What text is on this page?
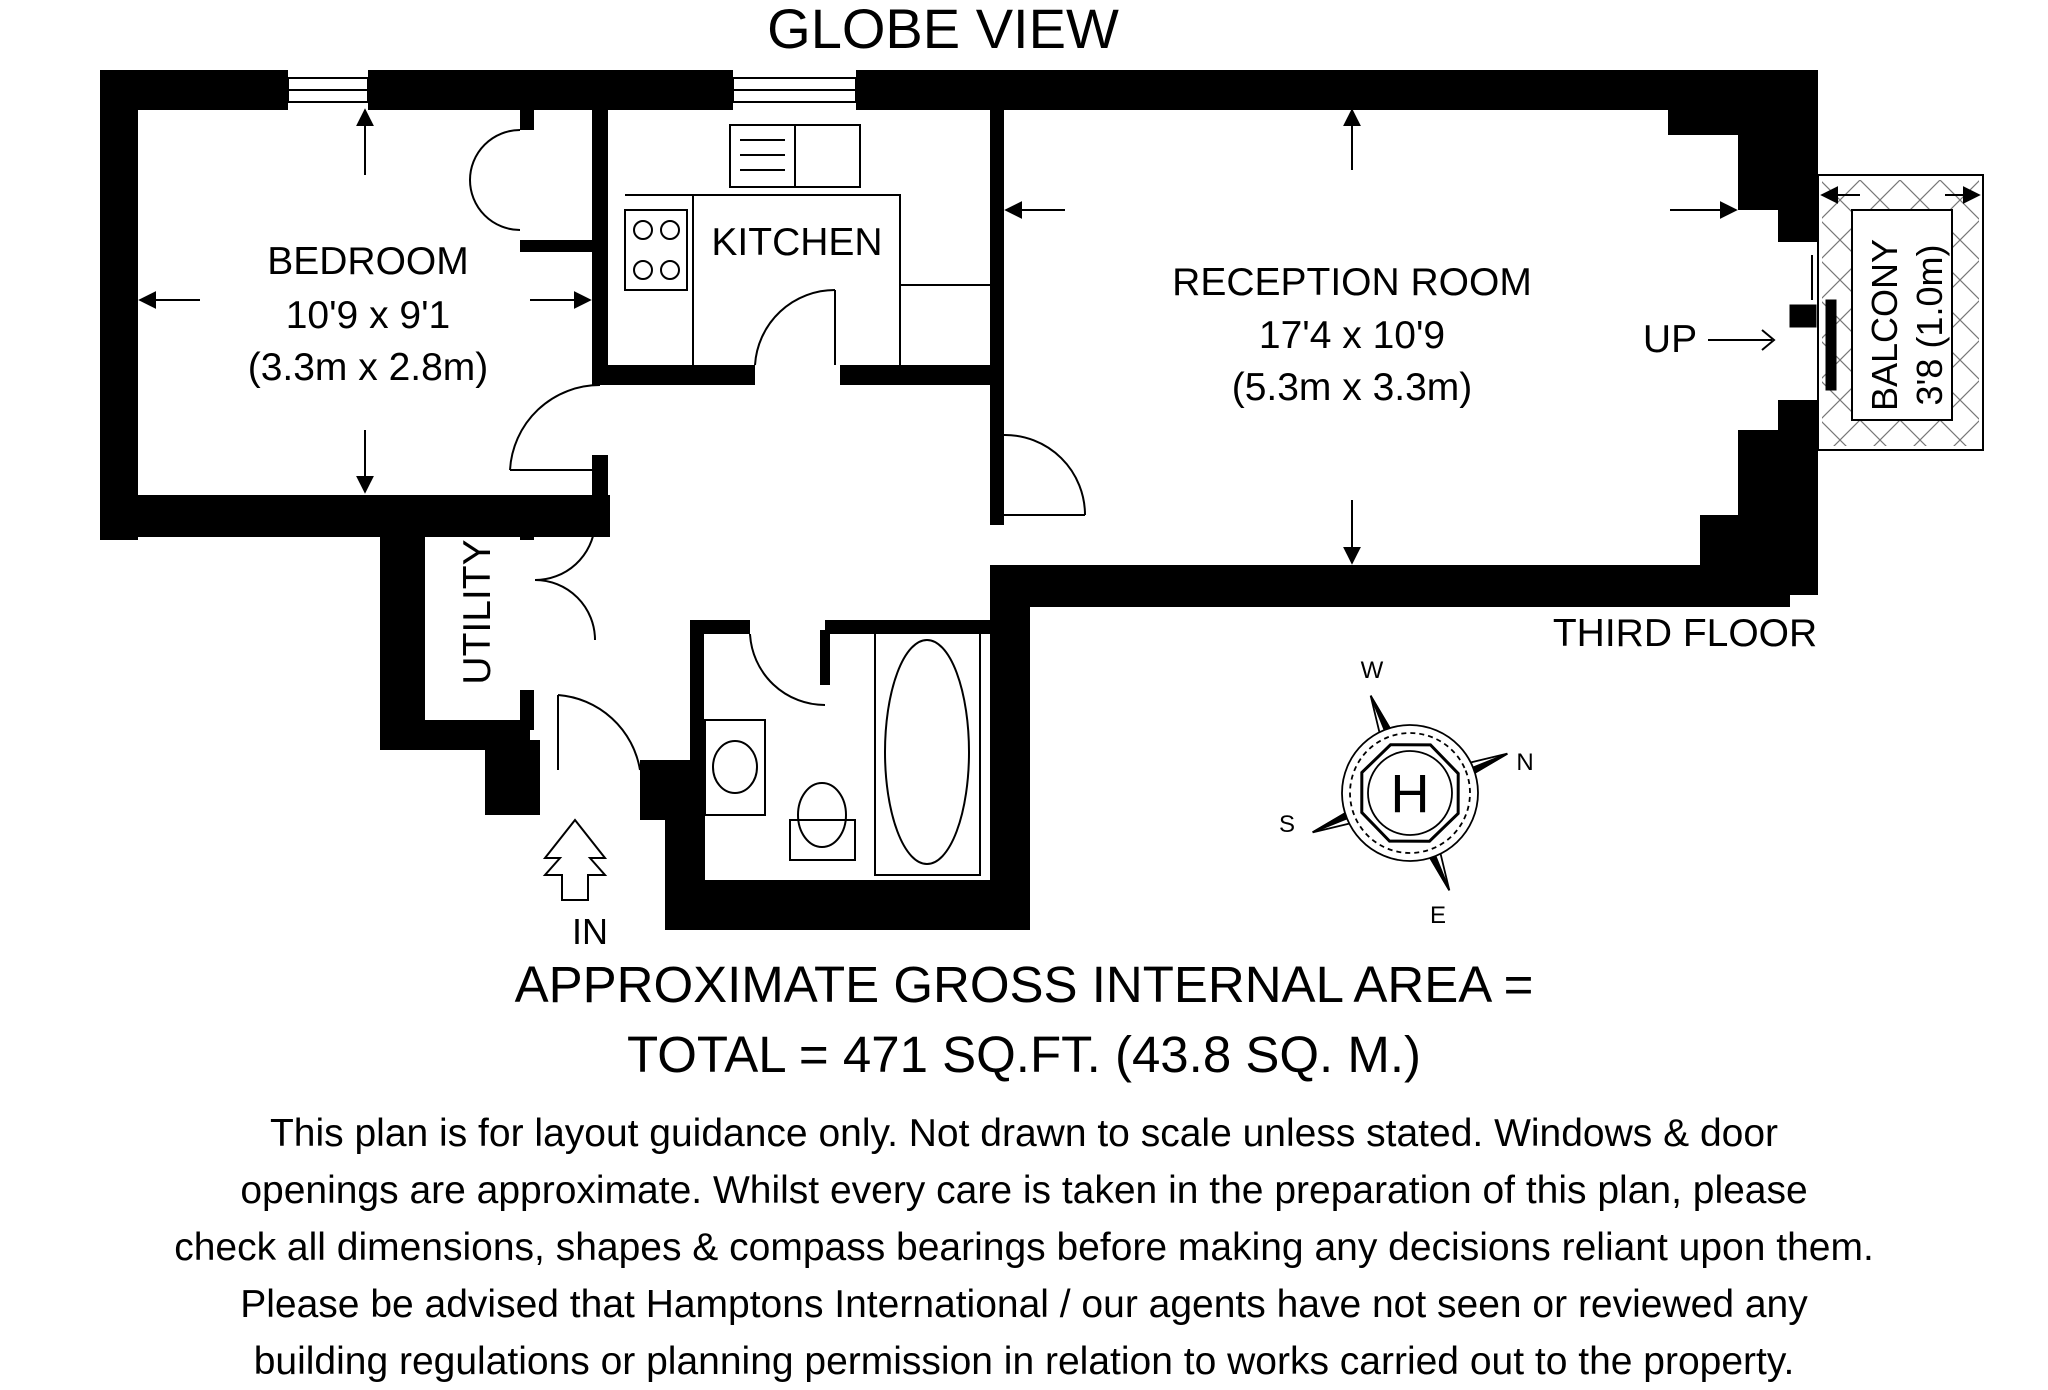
GLOBE VIEW
BEDROOM
10'9 x 9'1
(3.3m x 2.8m)
KITCHEN
RECEPTION ROOM
17'4 x 10'9
(5.3m x 3.3m)
UP
UTILITY
BALCONY 3'8 (1.0m)
IN
THIRD FLOOR
H
W
N
S
E
APPROXIMATE GROSS INTERNAL AREA =
TOTAL = 471 SQ.FT. (43.8 SQ. M.)
This plan is for layout guidance only. Not drawn to scale unless stated. Windows & door
openings are approximate. Whilst every care is taken in the preparation of this plan, please
check all dimensions, shapes & compass bearings before making any decisions reliant upon them.
Please be advised that Hamptons International / our agents have not seen or reviewed any
building regulations or planning permission in relation to works carried out to the property.
